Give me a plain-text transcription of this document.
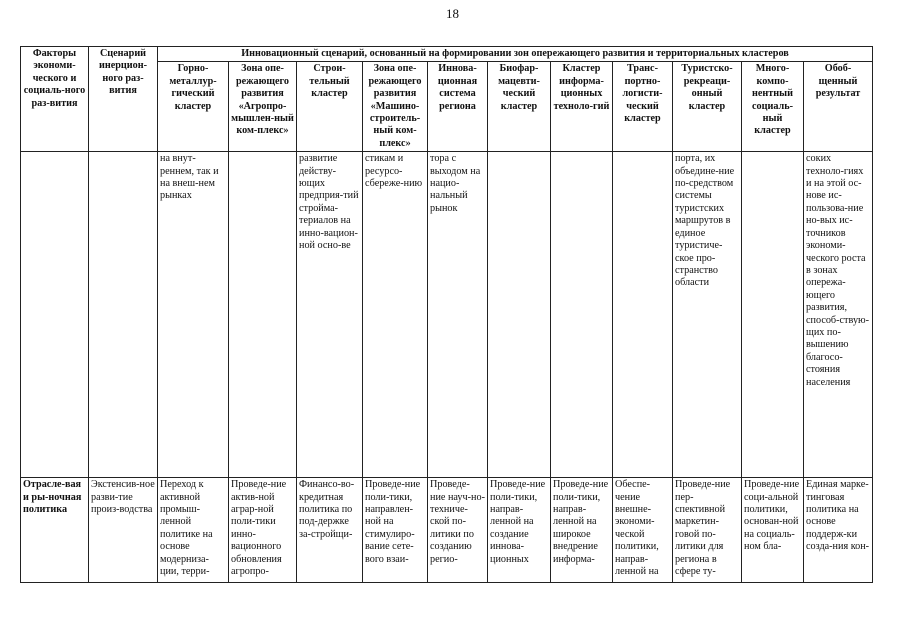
18
Факторы экономи-ческого и социаль-ного раз-вития	Сценарий инерцион-ного раз-вития	Инновационный сценарий, основанный на формировании зон опережающего развития и территориальных кластеров										
		Горно-металлур-гический кластер	Зона опе-режающего развития «Агропро-мышлен-ный ком-плекс»	Строи-тельный кластер	Зона опе-режающего развития «Машино-строитель-ный ком-плекс»	Иннова-ционная система региона	Биофар-мацевти-ческий кластер	Кластер информа-ционных техноло-гий	Транс-портно-логисти-ческий кластер	Туристско-рекреаци-онный кластер	Много-компо-нентный социаль-ный кластер	Обоб-щенный результат
		на внут-реннем, так и на внеш-нем рынках		развитие действу-ющих предприя-тий стройма-териалов на инно-вацион-ной осно-ве	стикам и ресурсо-сбереже-нию	тора с выходом на нацио-нальный рынок				порта, их объедине-ние по-средством системы туристских маршрутов в единое туристиче-ское про-странство области		соких техноло-гиях и на этой ос-нове ис-пользова-ние но-вых ис-точников экономи-ческого роста в зонах опережа-ющего развития, способ-ствую-щих по-вышению благосо-стояния населения
Отрасле-вая и ры-ночная политика	Экстенсив-ное разви-тие произ-водства	Переход к активной промыш-ленной политике на основе модерниза-ции, терри-	Проведе-ние актив-ной аграр-ной поли-тики инно-вационного обновления агропро-	Финансо-во-кредитная политика по под-держке за-стройщи-	Проведе-ние поли-тики, направлен-ной на стимулиро-вание сете-вого взаи-	Проведе-ние науч-но-техниче-ской по-литики по созданию регио-	Проведе-ние поли-тики, направ-ленной на создание иннова-ционных	Проведе-ние поли-тики, направ-ленной на широкое внедрение информа-	Обеспе-чение внешне-экономи-ческой политики, направ-ленной на	Проведе-ние пер-спективной маркетин-говой по-литики для региона в сфере ту-	Проведе-ние соци-альной политики, основан-ной на социаль-ном бла-	Единая марке-тинговая политика на основе поддерж-ки созда-ния кон-
